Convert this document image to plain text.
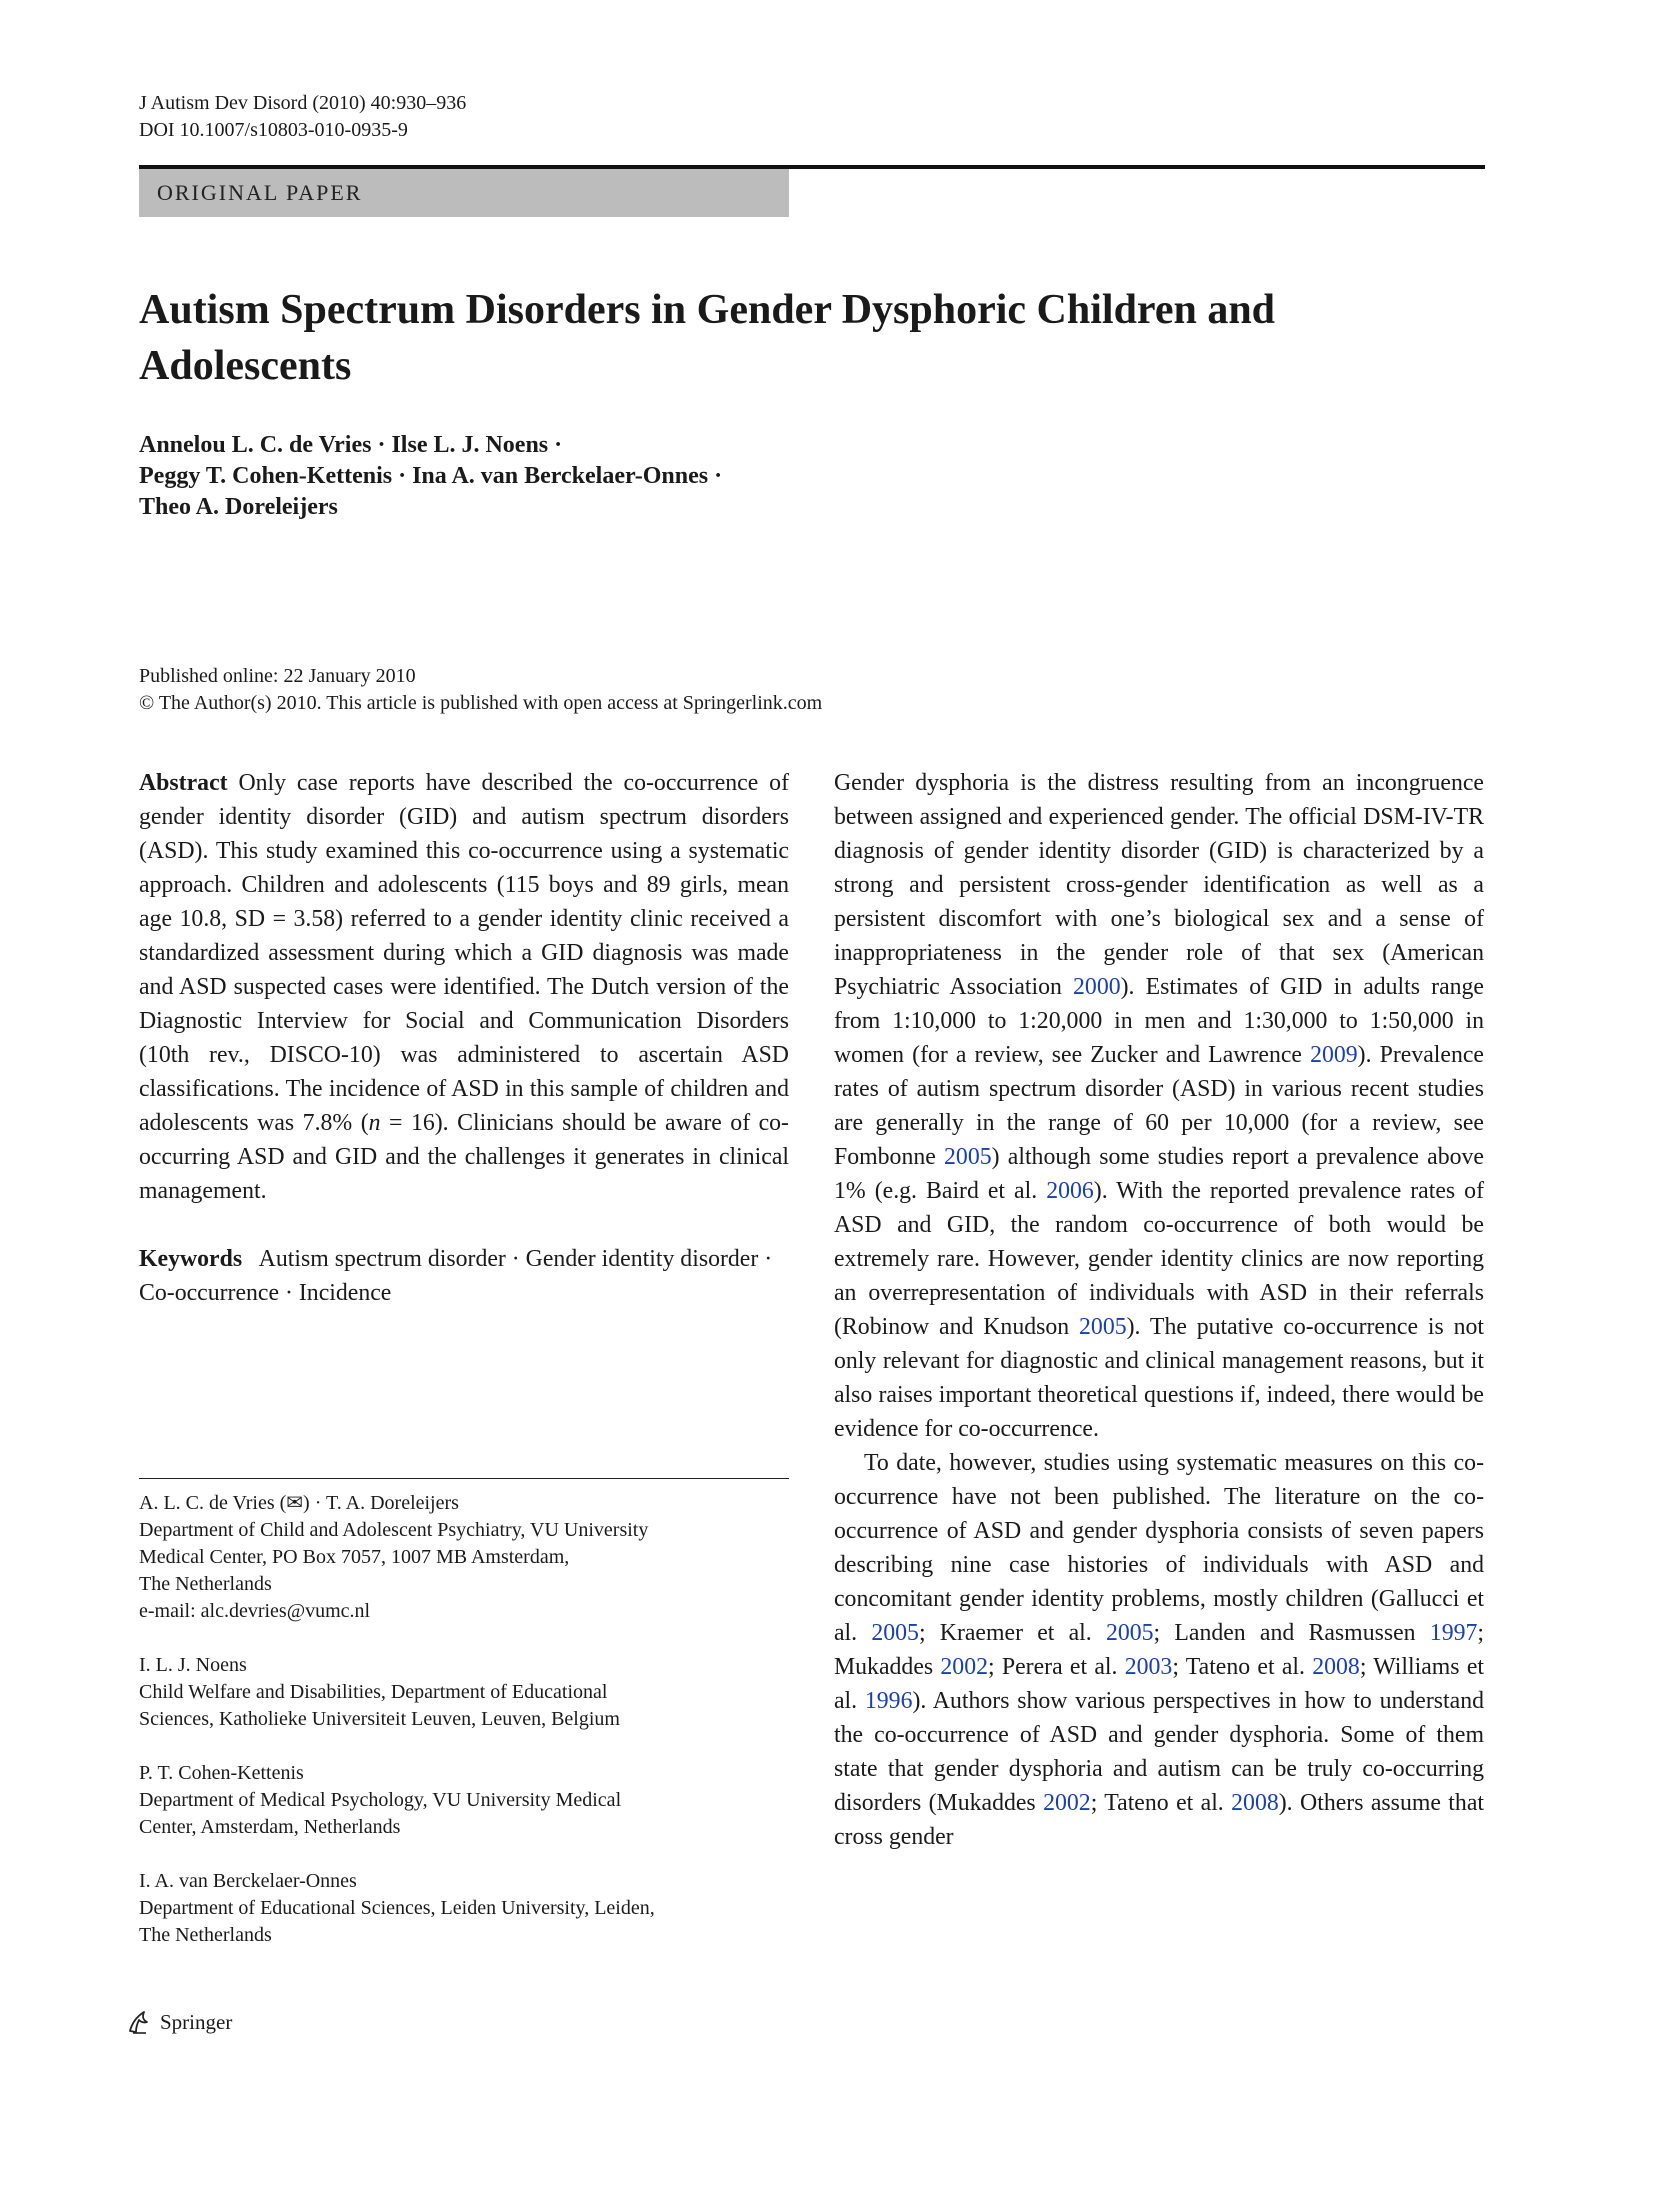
J Autism Dev Disord (2010) 40:930–936
DOI 10.1007/s10803-010-0935-9
ORIGINAL PAPER
Autism Spectrum Disorders in Gender Dysphoric Children and Adolescents
Annelou L. C. de Vries · Ilse L. J. Noens ·
Peggy T. Cohen-Kettenis · Ina A. van Berckelaer-Onnes ·
Theo A. Doreleijers
Published online: 22 January 2010
© The Author(s) 2010. This article is published with open access at Springerlink.com

Abstract Only case reports have described the co-occurrence of gender identity disorder (GID) and autism spectrum disorders (ASD). This study examined this co-occurrence using a systematic approach. Children and adolescents (115 boys and 89 girls, mean age 10.8, SD = 3.58) referred to a gender identity clinic received a standardized assessment during which a GID diagnosis was made and ASD suspected cases were identified. The Dutch version of the Diagnostic Interview for Social and Communication Disorders (10th rev., DISCO-10) was administered to ascertain ASD classifications. The incidence of ASD in this sample of children and adolescents was 7.8% (n = 16). Clinicians should be aware of co-occurring ASD and GID and the challenges it generates in clinical management.

Keywords Autism spectrum disorder · Gender identity disorder · Co-occurrence · Incidence

A. L. C. de Vries (✉) · T. A. Doreleijers
Department of Child and Adolescent Psychiatry, VU University
Medical Center, PO Box 7057, 1007 MB Amsterdam,
The Netherlands
e-mail: alc.devries@vumc.nl
I. L. J. Noens
Child Welfare and Disabilities, Department of Educational
Sciences, Katholieke Universiteit Leuven, Leuven, Belgium
P. T. Cohen-Kettenis
Department of Medical Psychology, VU University Medical
Center, Amsterdam, Netherlands
I. A. van Berckelaer-Onnes
Department of Educational Sciences, Leiden University, Leiden,
The Netherlands

Gender dysphoria is the distress resulting from an incongruence between assigned and experienced gender. The official DSM-IV-TR diagnosis of gender identity disorder (GID) is characterized by a strong and persistent cross-gender identification as well as a persistent discomfort with one’s biological sex and a sense of inappropriateness in the gender role of that sex (American Psychiatric Association 2000). Estimates of GID in adults range from 1:10,000 to 1:20,000 in men and 1:30,000 to 1:50,000 in women (for a review, see Zucker and Lawrence 2009). Prevalence rates of autism spectrum disorder (ASD) in various recent studies are generally in the range of 60 per 10,000 (for a review, see Fombonne 2005) although some studies report a prevalence above 1% (e.g. Baird et al. 2006). With the reported prevalence rates of ASD and GID, the random co-occurrence of both would be extremely rare. However, gender identity clinics are now reporting an overrepresentation of individuals with ASD in their referrals (Robinow and Knudson 2005). The putative co-occurrence is not only relevant for diagnostic and clinical management reasons, but it also raises important theoretical questions if, indeed, there would be evidence for co-occurrence.

To date, however, studies using systematic measures on this co-occurrence have not been published. The literature on the co-occurrence of ASD and gender dysphoria consists of seven papers describing nine case histories of individuals with ASD and concomitant gender identity problems, mostly children (Gallucci et al. 2005; Kraemer et al. 2005; Landen and Rasmussen 1997; Mukaddes 2002; Perera et al. 2003; Tateno et al. 2008; Williams et al. 1996). Authors show various perspectives in how to understand the co-occurrence of ASD and gender dysphoria. Some of them state that gender dysphoria and autism can be truly co-occurring disorders (Mukaddes 2002; Tateno et al. 2008). Others assume that cross gender

Springer
